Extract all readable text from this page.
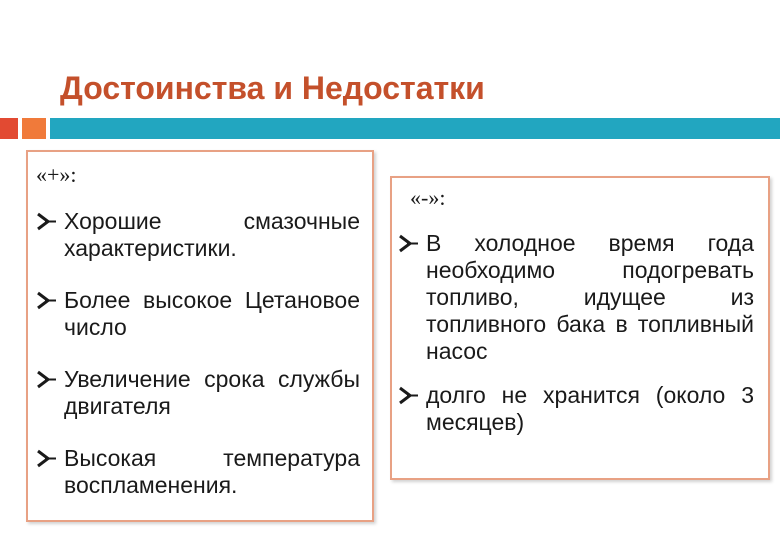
Достоинства и Недостатки
«+»:
Хорошие смазочные характеристики.
Более высокое Цетановое число
Увеличение срока службы двигателя
Высокая температура воспламенения.
«-»:
В холодное время года необходимо подогревать топливо, идущее из топливного бака в топливный насос
долго не хранится (около 3 месяцев)
